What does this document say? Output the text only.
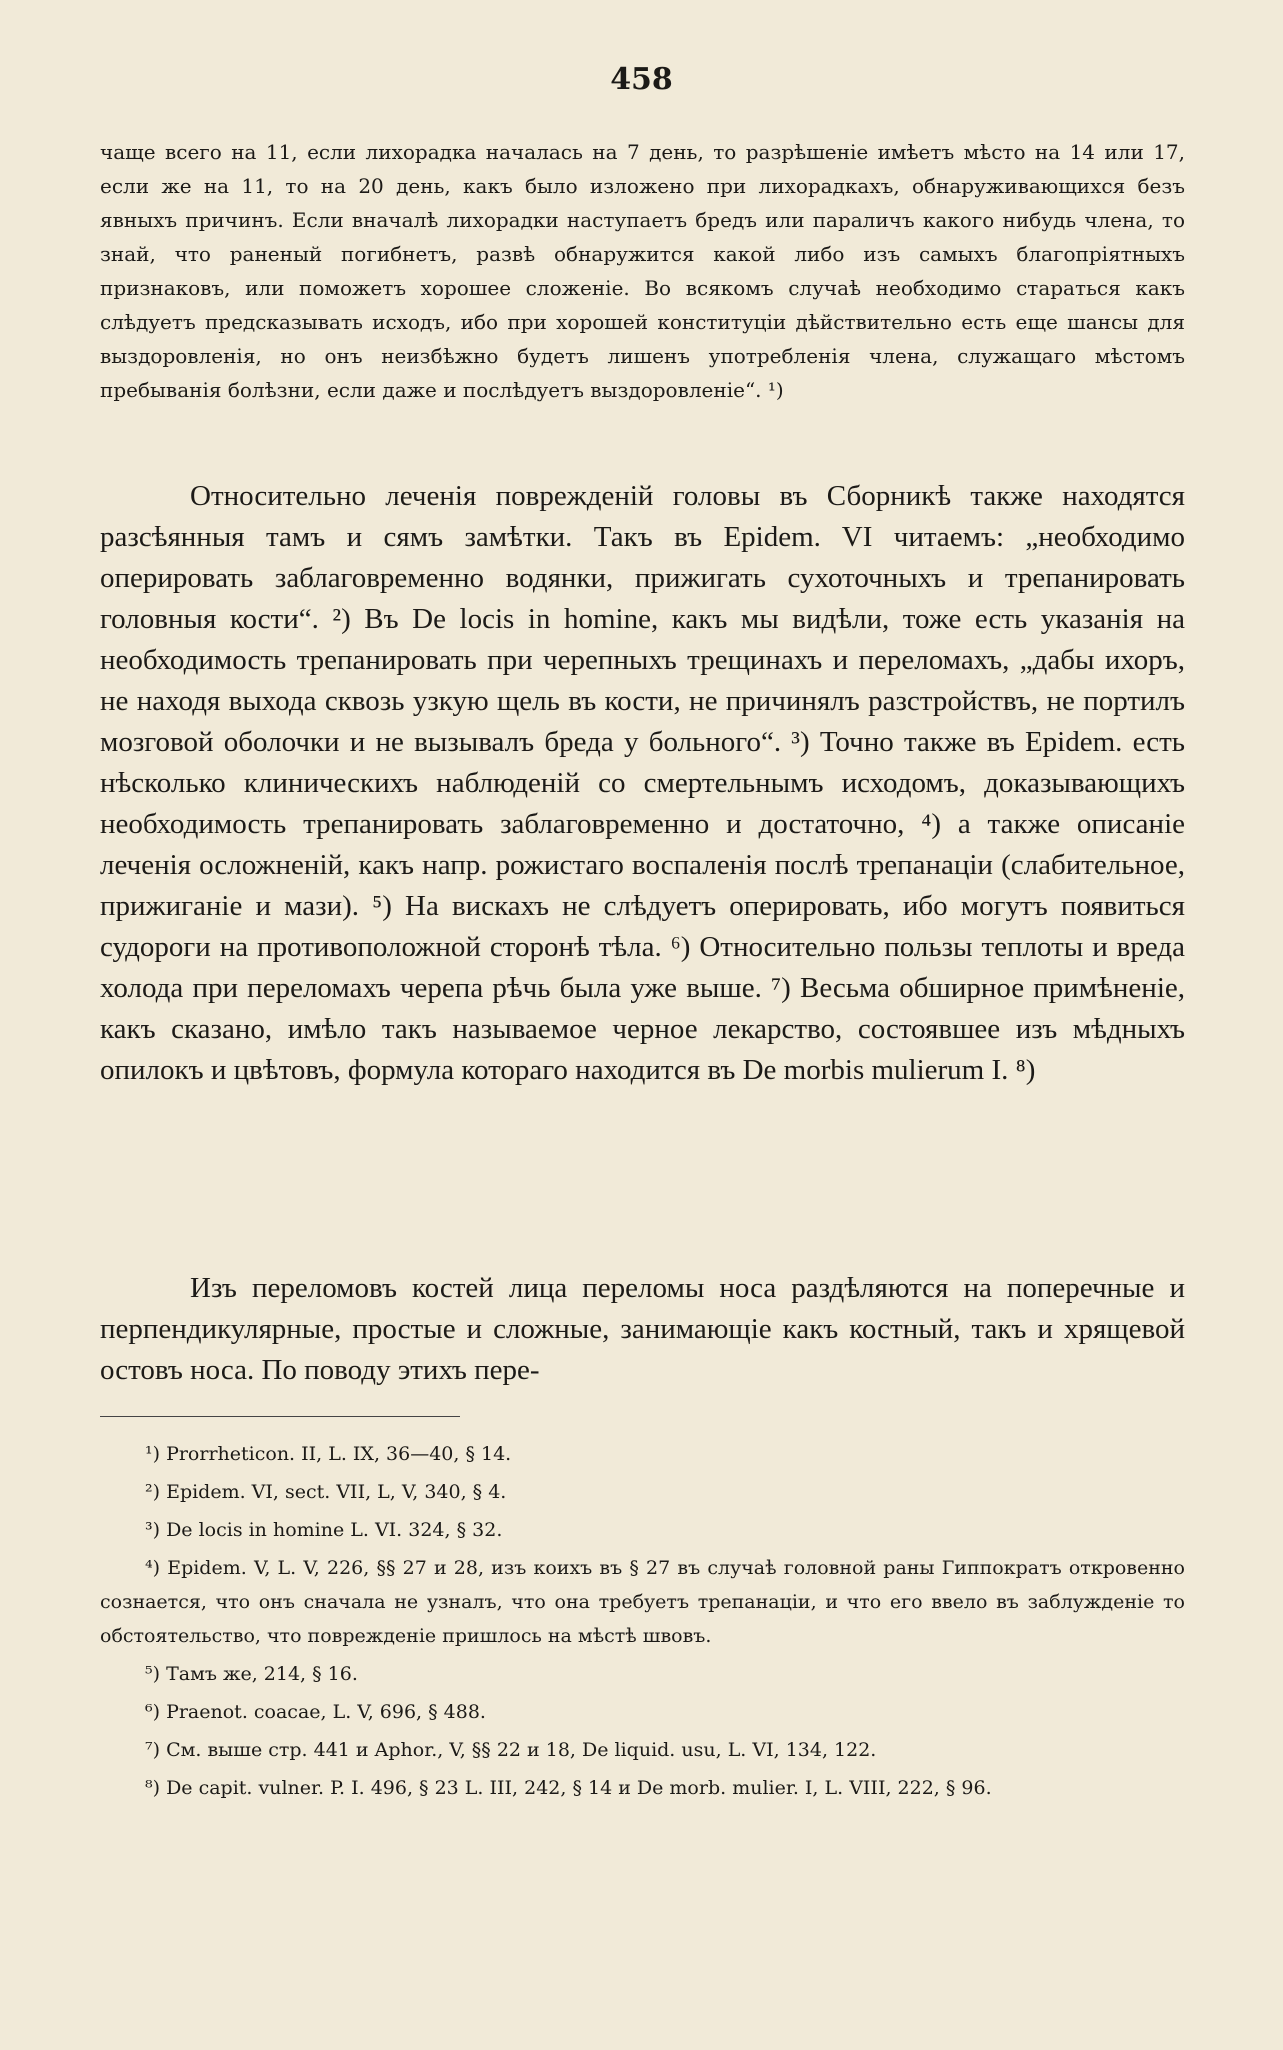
458
чаще всего на 11, если лихорадка началась на 7 день, то разрѣшеніе имѣетъ мѣсто на 14 или 17, если же на 11, то на 20 день, какъ было изложено при лихорадкахъ, обнаруживающихся безъ явныхъ причинъ. Если вначалѣ лихорадки наступаетъ бредъ или параличъ какого нибудь члена, то знай, что раненый погибнетъ, развѣ обнаружится какой либо изъ самыхъ благопріятныхъ признаковъ, или поможетъ хорошее сложеніе. Во всякомъ случаѣ необходимо стараться какъ слѣдуетъ предсказывать исходъ, ибо при хорошей конституціи дѣйствительно есть еще шансы для выздоровленія, но онъ неизбѣжно будетъ лишенъ употребленія члена, служащаго мѣстомъ пребыванія болѣзни, если даже и послѣдуетъ выздоровленіе“. ¹)
Относительно леченія поврежденій головы въ Сборникѣ также находятся разсѣянныя тамъ и сямъ замѣтки. Такъ въ Epidem. VI читаемъ: „необходимо оперировать заблаговременно водянки, прижигать сухоточныхъ и трепанировать головныя кости“. ²) Въ De locis in homine, какъ мы видѣли, тоже есть указанія на необходимость трепанировать при черепныхъ трещинахъ и переломахъ, „дабы ихоръ, не находя выхода сквозь узкую щель въ кости, не причинялъ разстройствъ, не портилъ мозговой оболочки и не вызывалъ бреда у больного“. ³) Точно также въ Epidem. есть нѣсколько клиническихъ наблюденій со смертельнымъ исходомъ, доказывающихъ необходимость трепанировать заблаговременно и достаточно, ⁴) а также описаніе леченія осложненій, какъ напр. рожистаго воспаленія послѣ трепанаціи (слабительное, прижиганіе и мази). ⁵) На вискахъ не слѣдуетъ оперировать, ибо могутъ появиться судороги на противоположной сторонѣ тѣла. ⁶) Относительно пользы теплоты и вреда холода при переломахъ черепа рѣчь была уже выше. ⁷) Весьма обширное примѣненіе, какъ сказано, имѣло такъ называемое черное лекарство, состоявшее изъ мѣдныхъ опилокъ и цвѣтовъ, формула котораго находится въ De morbis mulierum I. ⁸)
Изъ переломовъ костей лица переломы носа раздѣляются на поперечные и перпендикулярные, простые и сложные, занимающіе какъ костный, такъ и хрящевой остовъ носа. По поводу этихъ пере-

¹) Prorrheticon. II, L. IX, 36—40, § 14.

²) Epidem. VI, sect. VII, L, V, 340, § 4.

³) De locis in homine L. VI. 324, § 32.

⁴) Epidem. V, L. V, 226, §§ 27 и 28, изъ коихъ въ § 27 въ случаѣ головной раны Гиппократъ откровенно сознается, что онъ сначала не узналъ, что она требуетъ трепанаціи, и что его ввело въ заблужденіе то обстоятельство, что поврежденіе пришлось на мѣстѣ швовъ.

⁵) Тамъ же, 214, § 16.

⁶) Praenot. coacae, L. V, 696, § 488.

⁷) См. выше стр. 441 и Aphor., V, §§ 22 и 18, De liquid. usu, L. VI, 134, 122.

⁸) De capit. vulner. P. I. 496, § 23 L. III, 242, § 14 и De morb. mulier. I, L. VIII, 222, § 96.
